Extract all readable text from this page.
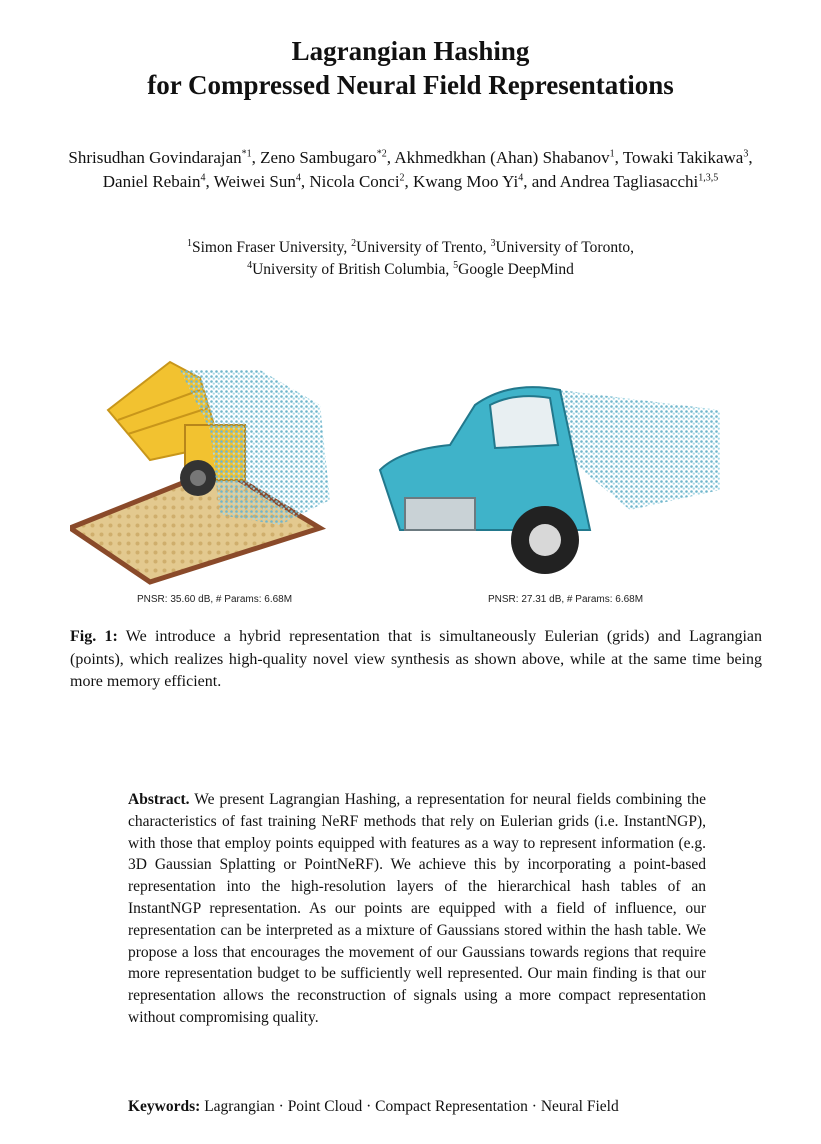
Lagrangian Hashing
for Compressed Neural Field Representations
Shrisudhan Govindarajan$^{*1}$, Zeno Sambugaro$^{*2}$, Akhmedkhan (Ahan) Shabanov$^1$, Towaki Takikawa$^3$, Daniel Rebain$^4$, Weiwei Sun$^4$, Nicola Conci$^2$, Kwang Moo Yi$^4$, and Andrea Tagliasacchi$^{1,3,5}$
$^1$Simon Fraser University, $^2$University of Trento, $^3$University of Toronto,
$^4$University of British Columbia, $^5$Google DeepMind
PNSR: 35.60 dB, # Params: 6.68M	PNSR: 27.31 dB, # Params: 6.68M
Fig. 1: We introduce a hybrid representation that is simultaneously Eulerian (grids) and Lagrangian (points), which realizes high-quality novel view synthesis as shown above, while at the same time being more memory efficient.
Abstract. We present Lagrangian Hashing, a representation for neural fields combining the characteristics of fast training NeRF methods that rely on Eulerian grids (i.e. InstantNGP), with those that employ points equipped with features as a way to represent information (e.g. 3D Gaussian Splatting or PointNeRF). We achieve this by incorporating a point-based representation into the high-resolution layers of the hierarchical hash tables of an InstantNGP representation. As our points are equipped with a field of influence, our representation can be interpreted as a mixture of Gaussians stored within the hash table. We propose a loss that encourages the movement of our Gaussians towards regions that require more representation budget to be sufficiently well represented. Our main finding is that our representation allows the reconstruction of signals using a more compact representation without compromising quality.
Keywords: Lagrangian · Point Cloud · Compact Representation · Neural Field
